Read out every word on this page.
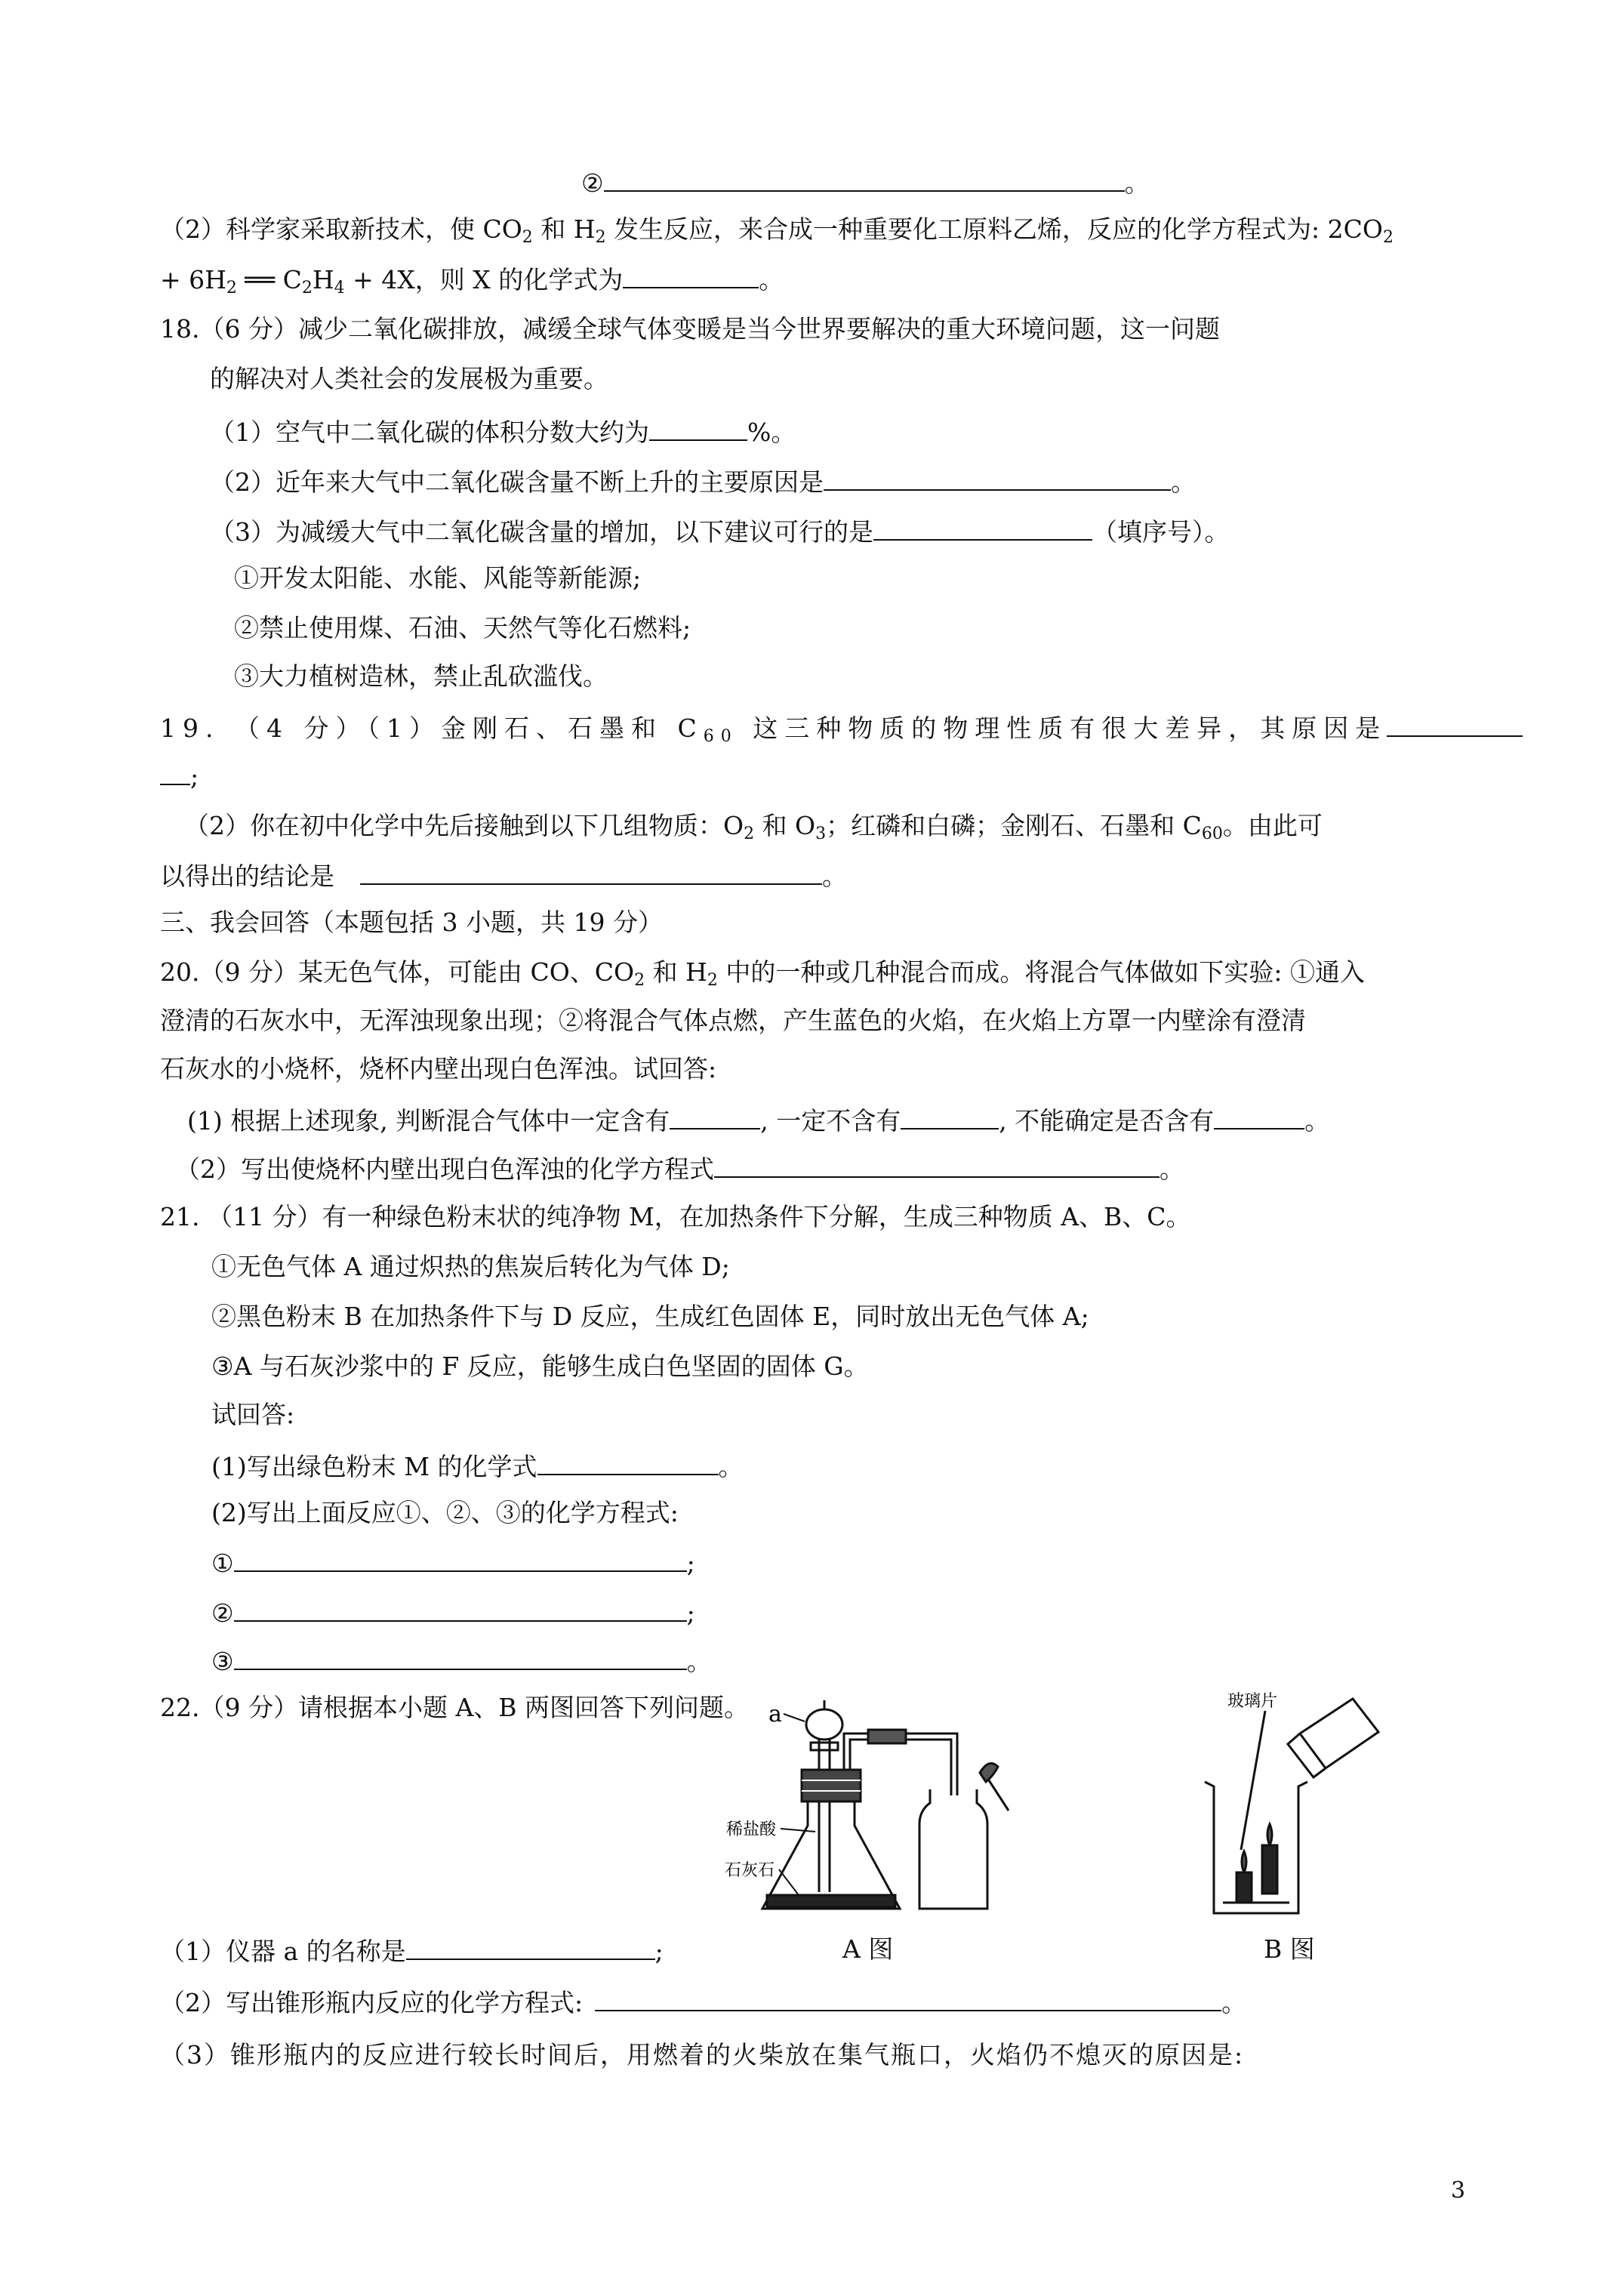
②	。
（2）科学家采取新技术，使 $CO_2$ 和 $H_2$ 发生反应，来合成一种重要化工原料乙烯，反应的化学方程式为: $2CO_2$
+ $6H_2$ ══ $C_2H_4 + 4X$，则 X 的化学式为	。
18.（6 分）减少二氧化碳排放，减缓全球气体变暖是当今世界要解决的重大环境问题，这一问题
的解决对人类社会的发展极为重要。
（1）空气中二氧化碳的体积分数大约为	%。
（2）近年来大气中二氧化碳含量不断上升的主要原因是	。
（3）为减缓大气中二氧化碳含量的增加，以下建议可行的是	（填序号）。
①开发太阳能、水能、风能等新能源;
②禁止使用煤、石油、天然气等化石燃料;
③大力植树造林，禁止乱砍滥伐。
19. （4 分）（1）金刚石、石墨和 $C_{60}$ 这三种物质的物理性质有很大差异，其原因是
;
（2）你在初中化学中先后接触到以下几组物质：$O_2$ 和 $O_3$；红磷和白磷；金刚石、石墨和 $C_{60}$。由此可
以得出的结论是	。
三、我会回答（本题包括 3 小题，共 19 分）
20.（9 分）某无色气体，可能由 CO、$CO_2$ 和 $H_2$ 中的一种或几种混合而成。将混合气体做如下实验: ①通入
澄清的石灰水中，无浑浊现象出现；②将混合气体点燃，产生蓝色的火焰，在火焰上方罩一内壁涂有澄清
石灰水的小烧杯，烧杯内壁出现白色浑浊。试回答:
(1) 根据上述现象, 判断混合气体中一定含有	, 一定不含有	, 不能确定是否含有	。
（2）写出使烧杯内壁出现白色浑浊的化学方程式	。
21. （11 分）有一种绿色粉末状的纯净物 M，在加热条件下分解，生成三种物质 A、B、C。
①无色气体 A 通过炽热的焦炭后转化为气体 D;
②黑色粉末 B 在加热条件下与 D 反应，生成红色固体 E，同时放出无色气体 A;
③A 与石灰沙浆中的 F 反应，能够生成白色坚固的固体 G。
试回答:
(1)写出绿色粉末 M 的化学式	。
(2)写出上面反应①、②、③的化学方程式:
①	;
②	;
③	。
22.（9 分）请根据本小题 A、B 两图回答下列问题。 a
稀盐酸
石灰石
玻璃片
（1）仪器 a 的名称是	;	A 图	B 图
（2）写出锥形瓶内反应的化学方程式:	。
（3）锥形瓶内的反应进行较长时间后，用燃着的火柴放在集气瓶口，火焰仍不熄灭的原因是:
3
